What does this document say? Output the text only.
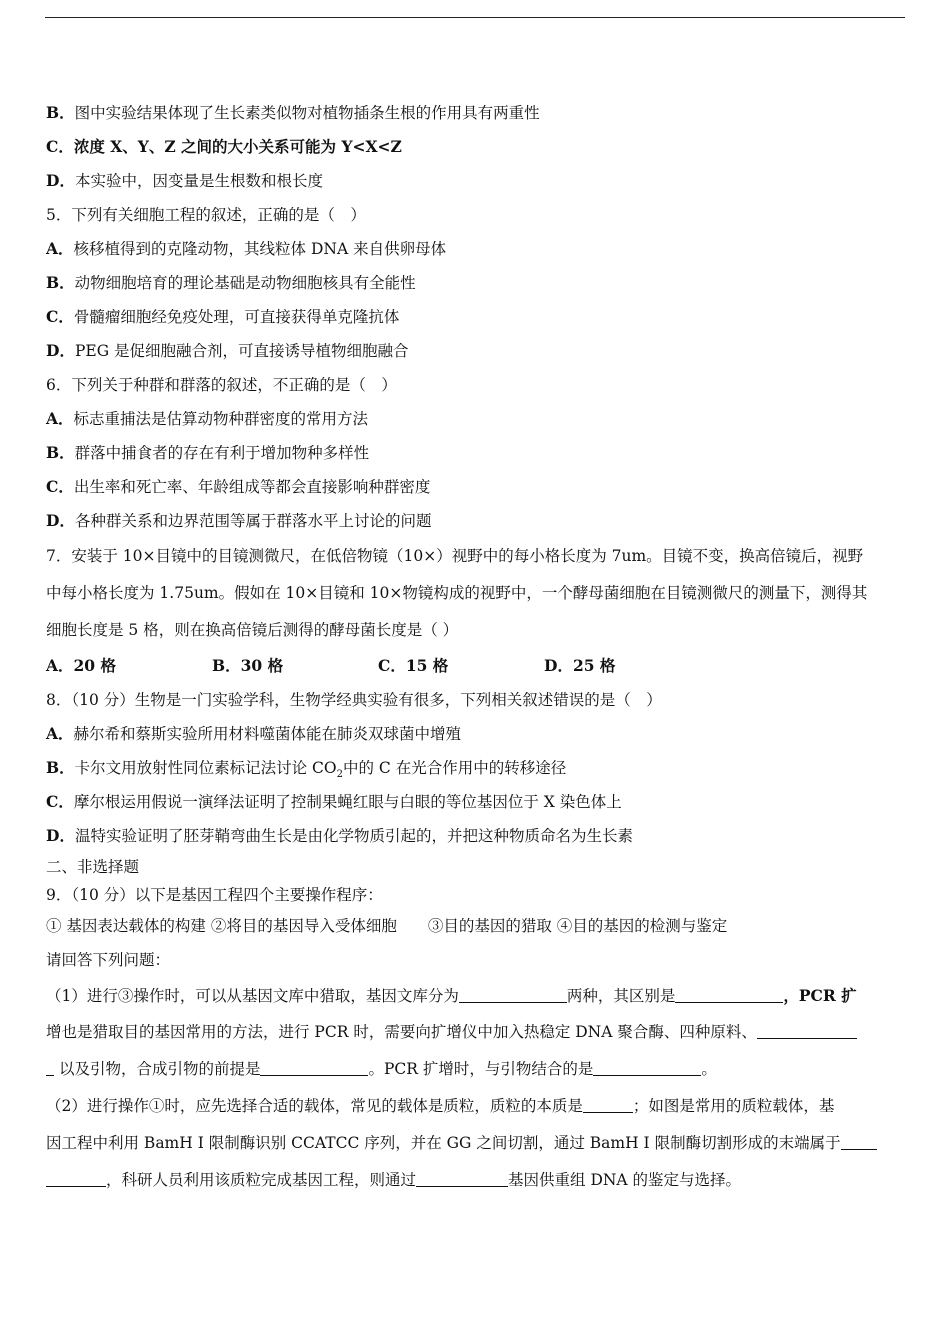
B．图中实验结果体现了生长素类似物对植物插条生根的作用具有两重性
C．浓度 X、Y、Z 之间的大小关系可能为 Y<X<Z
D．本实验中，因变量是生根数和根长度
5．下列有关细胞工程的叙述，正确的是（　）
A．核移植得到的克隆动物，其线粒体 DNA 来自供卵母体
B．动物细胞培育的理论基础是动物细胞核具有全能性
C．骨髓瘤细胞经免疫处理，可直接获得单克隆抗体
D．PEG 是促细胞融合剂，可直接诱导植物细胞融合
6．下列关于种群和群落的叙述，不正确的是（　）
A．标志重捕法是估算动物种群密度的常用方法
B．群落中捕食者的存在有利于增加物种多样性
C．出生率和死亡率、年龄组成等都会直接影响种群密度
D．各种群关系和边界范围等属于群落水平上讨论的问题
7．安装于 10×目镜中的目镜测微尺，在低倍物镜（10×）视野中的每小格长度为 7um。目镜不变，换高倍镜后，视野
中每小格长度为 1.75um。假如在 10×目镜和 10×物镜构成的视野中，一个酵母菌细胞在目镜测微尺的测量下，测得其
细胞长度是 5 格，则在换高倍镜后测得的酵母菌长度是（ ）
A．20 格	B．30 格	C．15 格	D．25 格
8．（10 分）生物是一门实验学科，生物学经典实验有很多，下列相关叙述错误的是（　）
A．赫尔希和蔡斯实验所用材料噬菌体能在肺炎双球菌中增殖
B．卡尔文用放射性同位素标记法讨论 $CO_2$中的 C 在光合作用中的转移途径
C．摩尔根运用假说一演绎法证明了控制果蝇红眼与白眼的等位基因位于 X 染色体上
D．温特实验证明了胚芽鞘弯曲生长是由化学物质引起的，并把这种物质命名为生长素
二、非选择题
9．（10 分）以下是基因工程四个主要操作程序：
① 基因表达载体的构建 ②将目的基因导入受体细胞　　③目的基因的猎取 ④目的基因的检测与鉴定
请回答下列问题：
（1）进行③操作时，可以从基因文库中猎取，基因文库分为	两种，其区别是	，PCR 扩
增也是猎取目的基因常用的方法，进行 PCR 时，需要向扩增仪中加入热稳定 DNA 聚合酶、四种原料、
以及引物，合成引物的前提是	。PCR 扩增时，与引物结合的是	。
（2）进行操作①时，应先选择合适的载体，常见的载体是质粒，质粒的本质是	；如图是常用的质粒载体，基
因工程中利用 BamH I 限制酶识别 CCATCC 序列，并在 GG 之间切割，通过 BamH I 限制酶切割形成的末端属于
，科研人员利用该质粒完成基因工程，则通过	基因供重组 DNA 的鉴定与选择。
